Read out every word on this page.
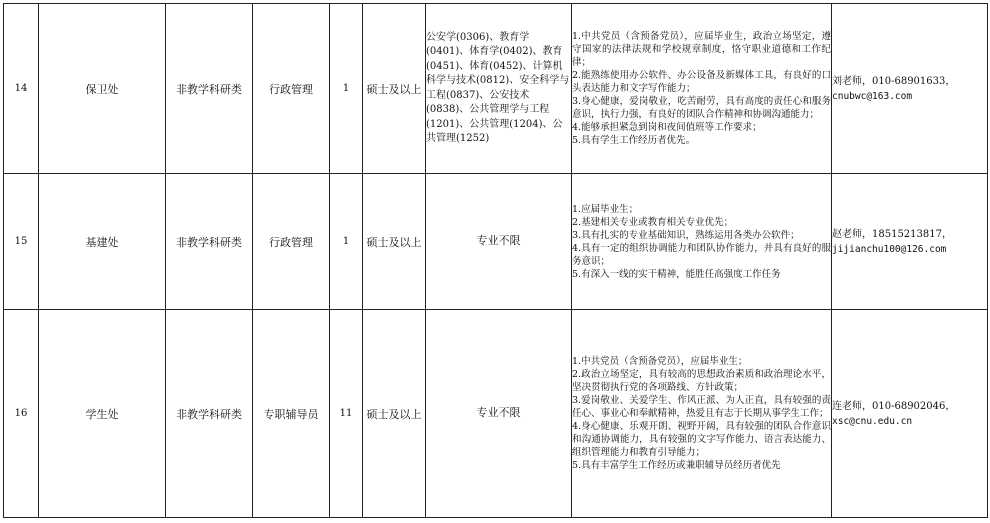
14	保卫处	非教学科研类	行政管理	1	硕士及以上	公安学(0306)、教育学(0401)、体育学(0402)、教育(0451)、体育(0452)、计算机科学与技术(0812)、安全科学与工程(0837)、公安技术(0838)、公共管理学与工程(1201)、公共管理(1204)、公共管理(1252)	1.中共党员（含预备党员），应届毕业生，政治立场坚定，遵守国家的法律法规和学校规章制度，恪守职业道德和工作纪律；
2.能熟练使用办公软件、办公设备及新媒体工具，有良好的口头表达能力和文字写作能力；
3.身心健康，爱岗敬业，吃苦耐劳，具有高度的责任心和服务意识，执行力强，有良好的团队合作精神和协调沟通能力；
4.能够承担紧急到岗和夜间值班等工作要求；
5.具有学生工作经历者优先。	刘老师，010-68901633，
cnubwc@163.com

15	基建处	非教学科研类	行政管理	1	硕士及以上	专业不限	1.应届毕业生；
2.基建相关专业或教育相关专业优先；
3.具有扎实的专业基础知识，熟练运用各类办公软件；
4.具有一定的组织协调能力和团队协作能力，并具有良好的服务意识；
5.有深入一线的实干精神，能胜任高强度工作任务	赵老师，18515213817，
jijianchu100@126.com

16	学生处	非教学科研类	专职辅导员	11	硕士及以上	专业不限	1.中共党员（含预备党员），应届毕业生；
2.政治立场坚定，具有较高的思想政治素质和政治理论水平，坚决贯彻执行党的各项路线、方针政策；
3.爱岗敬业、关爱学生、作风正派、为人正直，具有较强的责任心、事业心和奉献精神，热爱且有志于长期从事学生工作；
4.身心健康、乐观开朗、视野开阔，具有较强的团队合作意识和沟通协调能力，具有较强的文字写作能力、语言表达能力、组织管理能力和教育引导能力；
5.具有丰富学生工作经历或兼职辅导员经历者优先	连老师，010-68902046，
xsc@cnu.edu.cn
